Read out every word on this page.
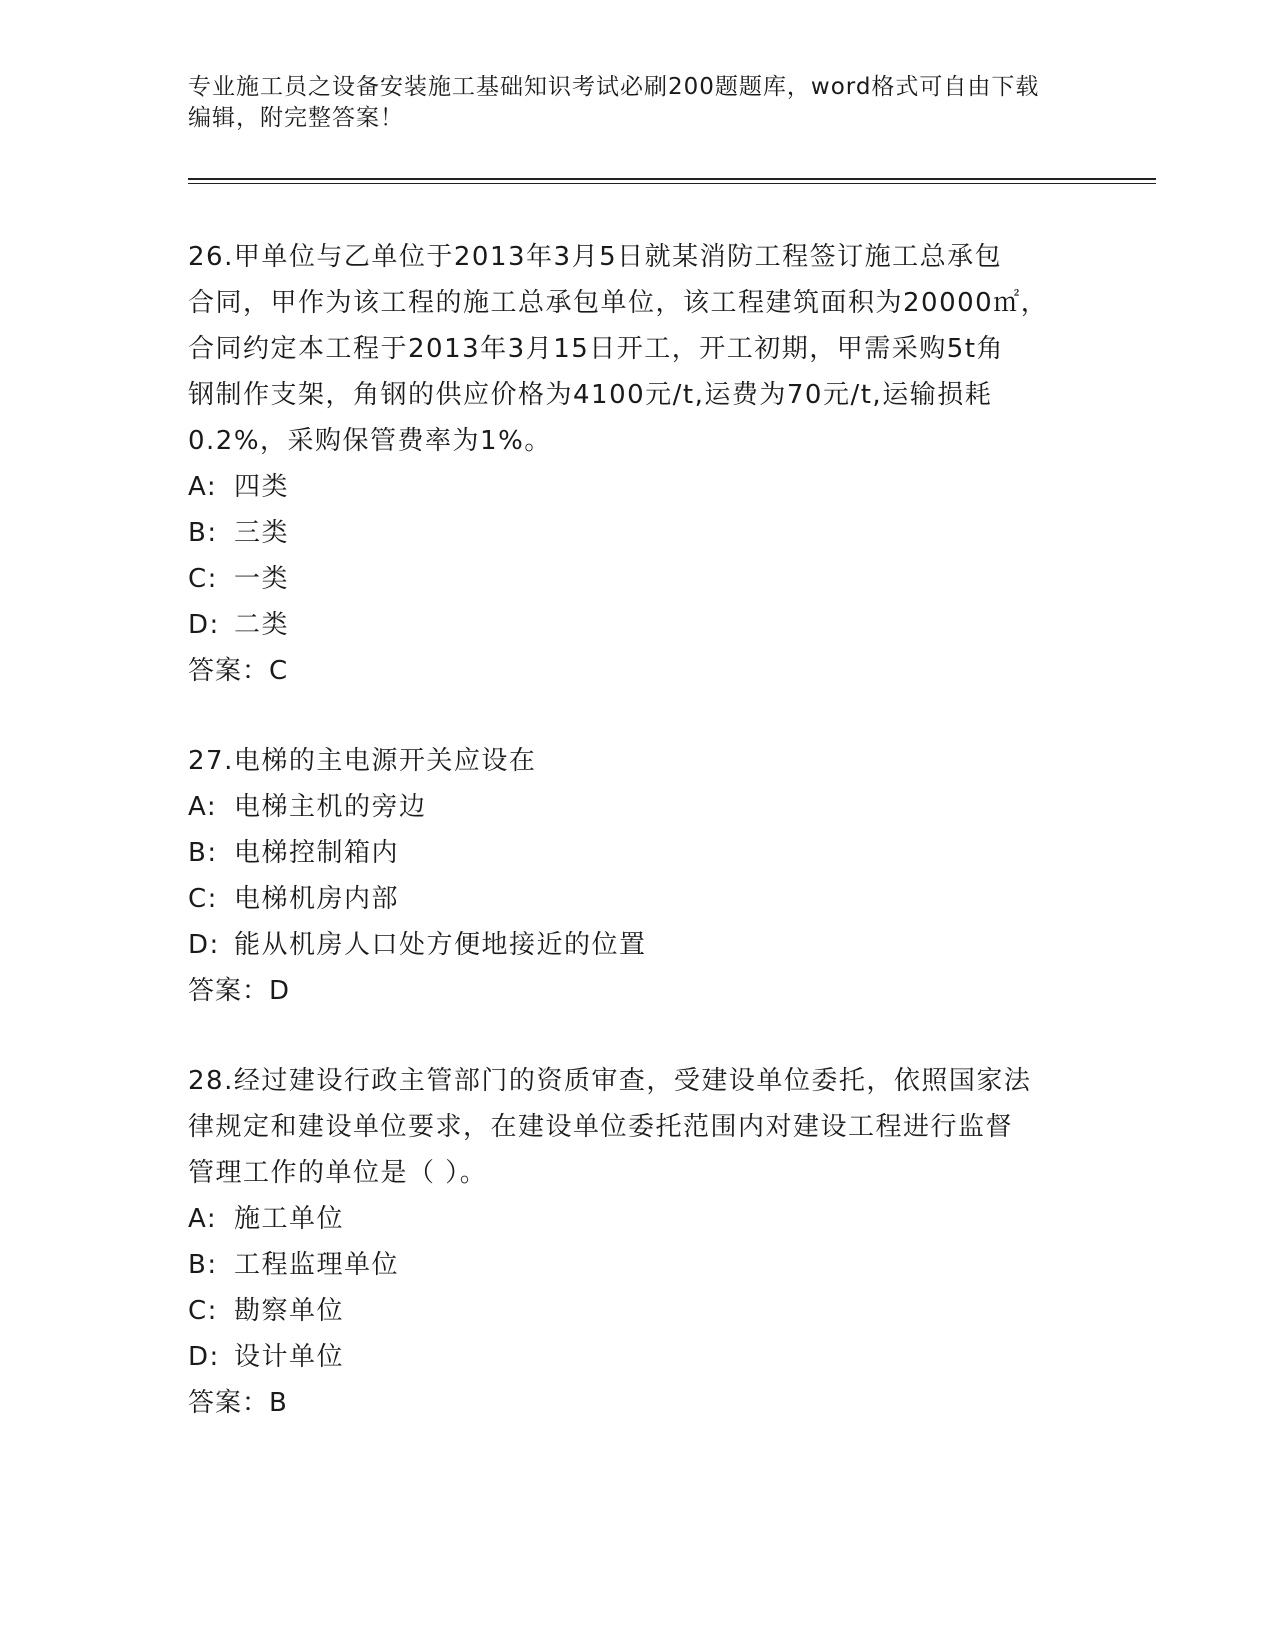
专业施工员之设备安装施工基础知识考试必刷200题题库，word格式可自由下载
编辑，附完整答案！
26.甲单位与乙单位于2013年3月5日就某消防工程签订施工总承包
合同，甲作为该工程的施工总承包单位，该工程建筑面积为20000㎡，
合同约定本工程于2013年3月15日开工，开工初期，甲需采购5t角
钢制作支架，角钢的供应价格为4100元/t,运费为70元/t,运输损耗
0.2%，采购保管费率为1%。
A: 四类
B: 三类
C: 一类
D: 二类
答案：C
27.电梯的主电源开关应设在
A: 电梯主机的旁边
B: 电梯控制箱内
C: 电梯机房内部
D: 能从机房人口处方便地接近的位置
答案：D
28.经过建设行政主管部门的资质审查，受建设单位委托，依照国家法
律规定和建设单位要求，在建设单位委托范围内对建设工程进行监督
管理工作的单位是（ ）。
A: 施工单位
B: 工程监理单位
C: 勘察单位
D: 设计单位
答案：B
